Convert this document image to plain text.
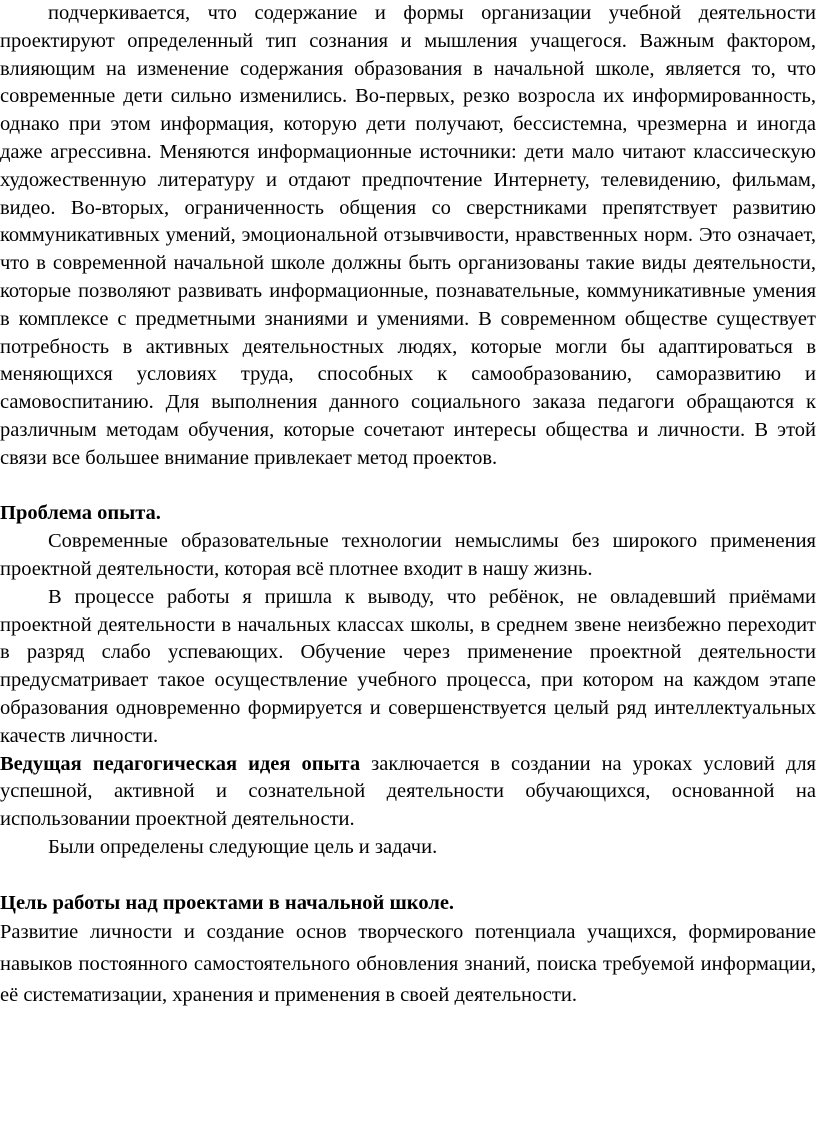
подчеркивается, что содержание и формы организации учебной деятельности проектируют определенный тип сознания и мышления учащегося. Важным фактором, влияющим на изменение содержания образования в начальной школе, является то, что современные дети сильно изменились. Во-первых, резко возросла их информированность, однако при этом информация, которую дети получают, бессистемна, чрезмерна и иногда даже агрессивна. Меняются информационные источники: дети мало читают классическую художественную литературу и отдают предпочтение Интернету, телевидению, фильмам, видео. Во-вторых, ограниченность общения со сверстниками препятствует развитию коммуникативных умений, эмоциональной отзывчивости, нравственных норм. Это означает, что в современной начальной школе должны быть организованы такие виды деятельности, которые позволяют развивать информационные, познавательные, коммуникативные умения в комплексе с предметными знаниями и умениями. В современном обществе существует потребность в активных деятельностных людях, которые могли бы адаптироваться в меняющихся условиях труда, способных к самообразованию, саморазвитию и самовоспитанию. Для выполнения данного социального заказа педагоги обращаются к различным методам обучения, которые сочетают интересы общества и личности. В этой связи все большее внимание привлекает метод проектов.

Проблема опыта.

Современные образовательные технологии немыслимы без широкого применения проектной деятельности, которая всё плотнее входит в нашу жизнь.

В процессе работы я пришла к выводу, что ребёнок, не овладевший приёмами проектной деятельности в начальных классах школы, в среднем звене неизбежно переходит в разряд слабо успевающих. Обучение через применение проектной деятельности предусматривает такое осуществление учебного процесса, при котором на каждом этапе образования одновременно формируется и совершенствуется целый ряд интеллектуальных качеств личности.

Ведущая педагогическая идея опыта заключается в создании на уроках условий для успешной, активной и сознательной деятельности обучающихся, основанной на использовании проектной деятельности.

Были определены следующие цель и задачи.

Цель работы над проектами в начальной школе.

Развитие личности и создание основ творческого потенциала учащихся, формирование навыков постоянного самостоятельного обновления знаний, поиска требуемой информации, её систематизации, хранения и применения в своей деятельности.
